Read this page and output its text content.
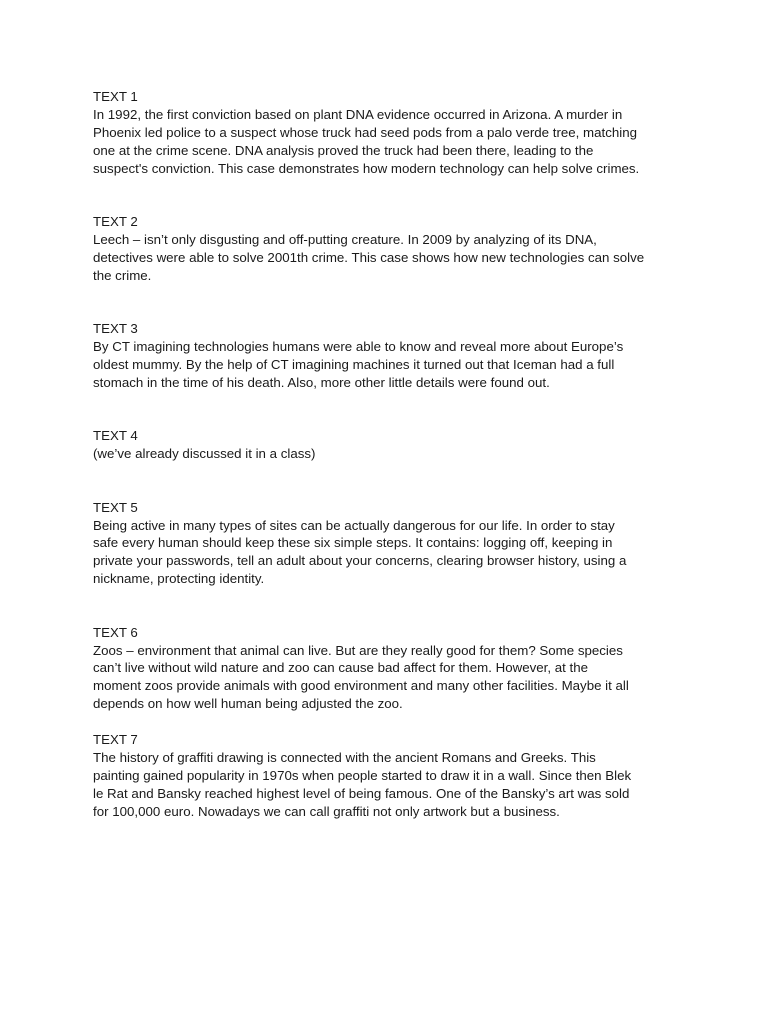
TEXT 1
In 1992, the first conviction based on plant DNA evidence occurred in Arizona. A murder in
Phoenix led police to a suspect whose truck had seed pods from a palo verde tree, matching
one at the crime scene. DNA analysis proved the truck had been there, leading to the
suspect's conviction. This case demonstrates how modern technology can help solve crimes.
TEXT 2
Leech – isn’t only disgusting and off-putting creature. In 2009 by analyzing of its DNA,
detectives were able to solve 2001th crime. This case shows how new technologies can solve
the crime.
TEXT 3
By CT imagining technologies humans were able to know and reveal more about Europe’s
oldest mummy. By the help of CT imagining machines it turned out that Iceman had a full
stomach in the time of his death. Also, more other little details were found out.
TEXT 4
(we’ve already discussed it in a class)
TEXT 5
Being active in many types of sites can be actually dangerous for our life. In order to stay
safe every human should keep these six simple steps. It contains: logging off, keeping in
private your passwords, tell an adult about your concerns, clearing browser history, using a
nickname, protecting identity.
TEXT 6
Zoos – environment that animal can live. But are they really good for them? Some species
can’t live without wild nature and zoo can cause bad affect for them. However, at the
moment zoos provide animals with good environment and many other facilities. Maybe it all
depends on how well human being adjusted the zoo.
TEXT 7
The history of graffiti drawing is connected with the ancient Romans and Greeks. This
painting gained popularity in 1970s when people started to draw it in a wall. Since then Blek
le Rat and Bansky reached highest level of being famous. One of the Bansky’s art was sold
for 100,000 euro. Nowadays we can call graffiti not only artwork but a business.
